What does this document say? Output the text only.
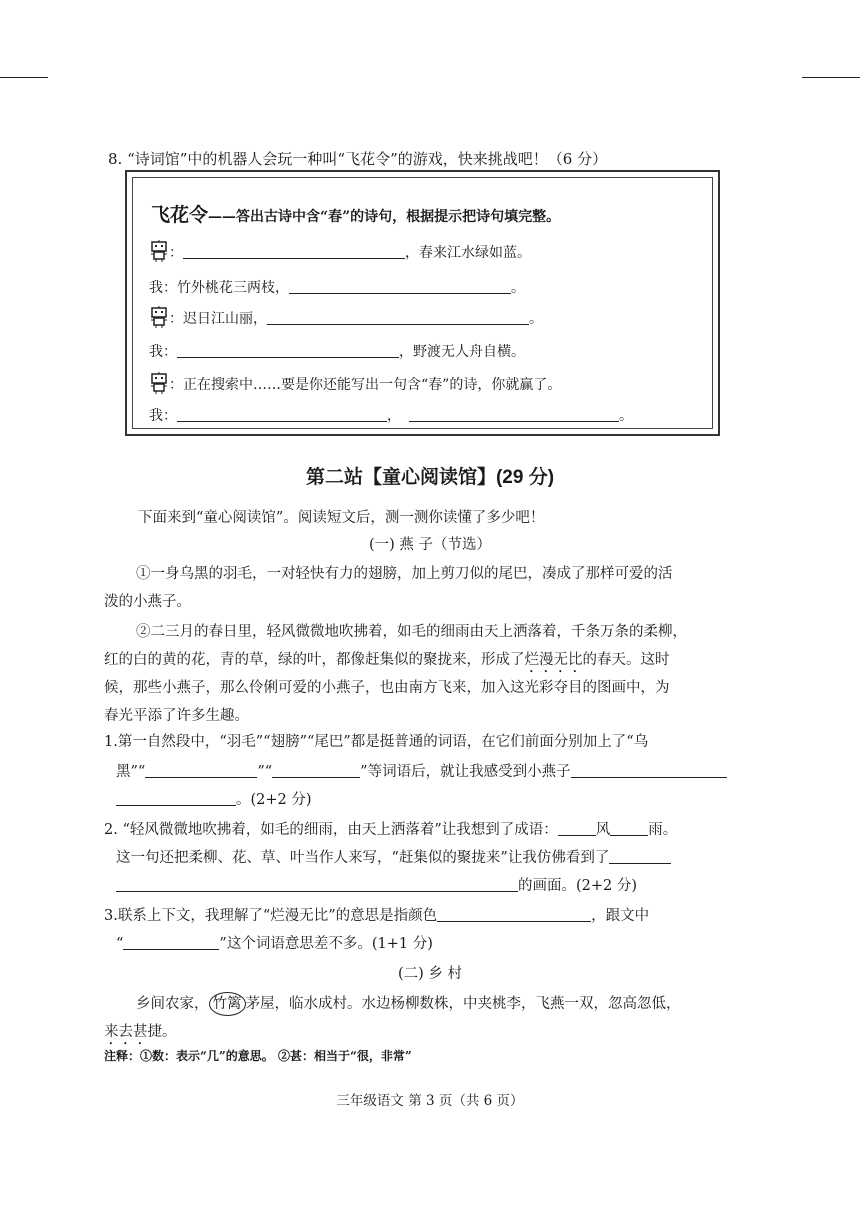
8. “诗词馆”中的机器人会玩一种叫“飞花令”的游戏，快来挑战吧！（6 分）
飞花令——答出古诗中含“春”的诗句，根据提示把诗句填完整。
：	，春来江水绿如蓝。
我：竹外桃花三两枝，	。
：迟日江山丽，	。
我：	，野渡无人舟自横。
：正在搜索中……要是你还能写出一句含“春”的诗，你就赢了。
我：	，	。
第二站【童心阅读馆】(29 分)
下面来到“童心阅读馆”。阅读短文后，测一测你读懂了多少吧！
(一) 燕 子（节选）
①一身乌黑的羽毛，一对轻快有力的翅膀，加上剪刀似的尾巴，凑成了那样可爱的活
泼的小燕子。
②二三月的春日里，轻风微微地吹拂着，如毛的细雨由天上洒落着，千条万条的柔柳，
红的白的黄的花，青的草，绿的叶，都像赶集似的聚拢来，形成了烂漫无比的春天。这时
候，那些小燕子，那么伶俐可爱的小燕子，也由南方飞来，加入这光彩夺目的图画中，为
春光平添了许多生趣。
1.第一自然段中，“羽毛”“翅膀”“尾巴”都是挺普通的词语，在它们前面分别加上了“乌
黑”“	”“	”等词语后，就让我感受到小燕子
。(2+2 分)
2. “轻风微微地吹拂着，如毛的细雨，由天上洒落着”让我想到了成语：	风	雨。
这一句还把柔柳、花、草、叶当作人来写，“赶集似的聚拢来”让我仿佛看到了
的画面。(2+2 分)
3.联系上下文，我理解了“烂漫无比”的意思是指颜色	，跟文中
“	”这个词语意思差不多。(1+1 分)
(二) 乡 村
乡间农家， 竹篱 茅屋，临水成村。水边杨柳数株，中夹桃李，飞燕一双，忽高忽低，
来去甚捷。
注释：①数：表示“几”的意思。 ②甚：相当于“很，非常”
三年级语文 第 3 页（共 6 页）
